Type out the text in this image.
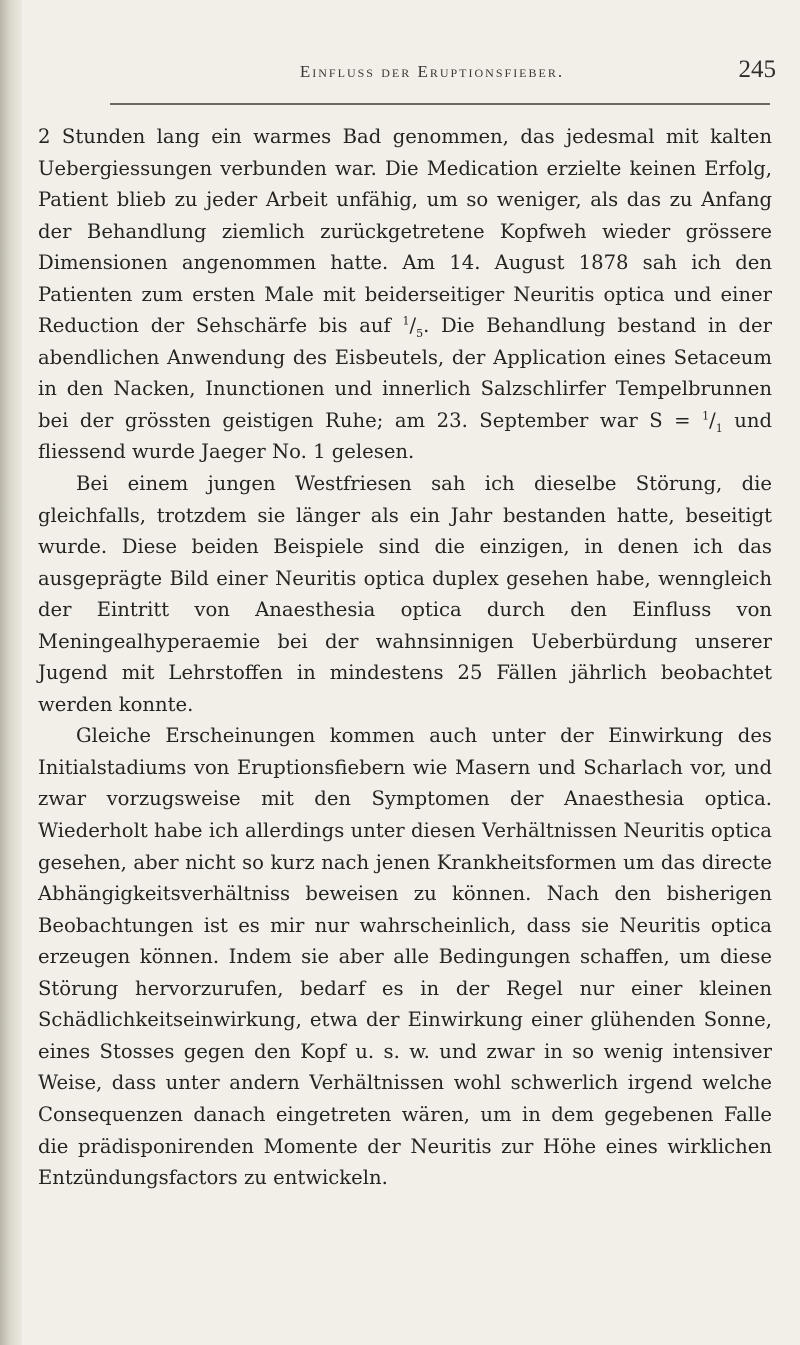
Einfluss der Eruptionsfieber.	245

2 Stunden lang ein warmes Bad genommen, das jedesmal mit kalten Uebergiessungen verbunden war. Die Medication erzielte keinen Erfolg, Patient blieb zu jeder Arbeit unfähig, um so weniger, als das zu Anfang der Behandlung ziemlich zurückgetretene Kopfweh wieder grössere Dimensionen angenommen hatte. Am 14. August 1878 sah ich den Patienten zum ersten Male mit beiderseitiger Neuritis optica und einer Reduction der Sehschärfe bis auf $^1/_5$. Die Behandlung bestand in der abendlichen Anwendung des Eisbeutels, der Application eines Setaceum in den Nacken, Inunctionen und innerlich Salzschlirfer Tempelbrunnen bei der grössten geistigen Ruhe; am 23. September war $S = ^1/_1$ und fliessend wurde Jaeger No. 1 gelesen.

Bei einem jungen Westfriesen sah ich dieselbe Störung, die gleichfalls, trotzdem sie länger als ein Jahr bestanden hatte, beseitigt wurde. Diese beiden Beispiele sind die einzigen, in denen ich das ausgeprägte Bild einer Neuritis optica duplex gesehen habe, wenngleich der Eintritt von Anaesthesia optica durch den Einfluss von Meningealhyperaemie bei der wahnsinnigen Ueberbürdung unserer Jugend mit Lehrstoffen in mindestens 25 Fällen jährlich beobachtet werden konnte.

Gleiche Erscheinungen kommen auch unter der Einwirkung des Initialstadiums von Eruptionsfiebern wie Masern und Scharlach vor, und zwar vorzugsweise mit den Symptomen der Anaesthesia optica. Wiederholt habe ich allerdings unter diesen Verhältnissen Neuritis optica gesehen, aber nicht so kurz nach jenen Krankheitsformen um das directe Abhängigkeitsverhältniss beweisen zu können. Nach den bisherigen Beobachtungen ist es mir nur wahrscheinlich, dass sie Neuritis optica erzeugen können. Indem sie aber alle Bedingungen schaffen, um diese Störung hervorzurufen, bedarf es in der Regel nur einer kleinen Schädlichkeitseinwirkung, etwa der Einwirkung einer glühenden Sonne, eines Stosses gegen den Kopf u. s. w. und zwar in so wenig intensiver Weise, dass unter andern Verhältnissen wohl schwerlich irgend welche Consequenzen danach eingetreten wären, um in dem gegebenen Falle die prädisponirenden Momente der Neuritis zur Höhe eines wirklichen Entzündungsfactors zu entwickeln.
